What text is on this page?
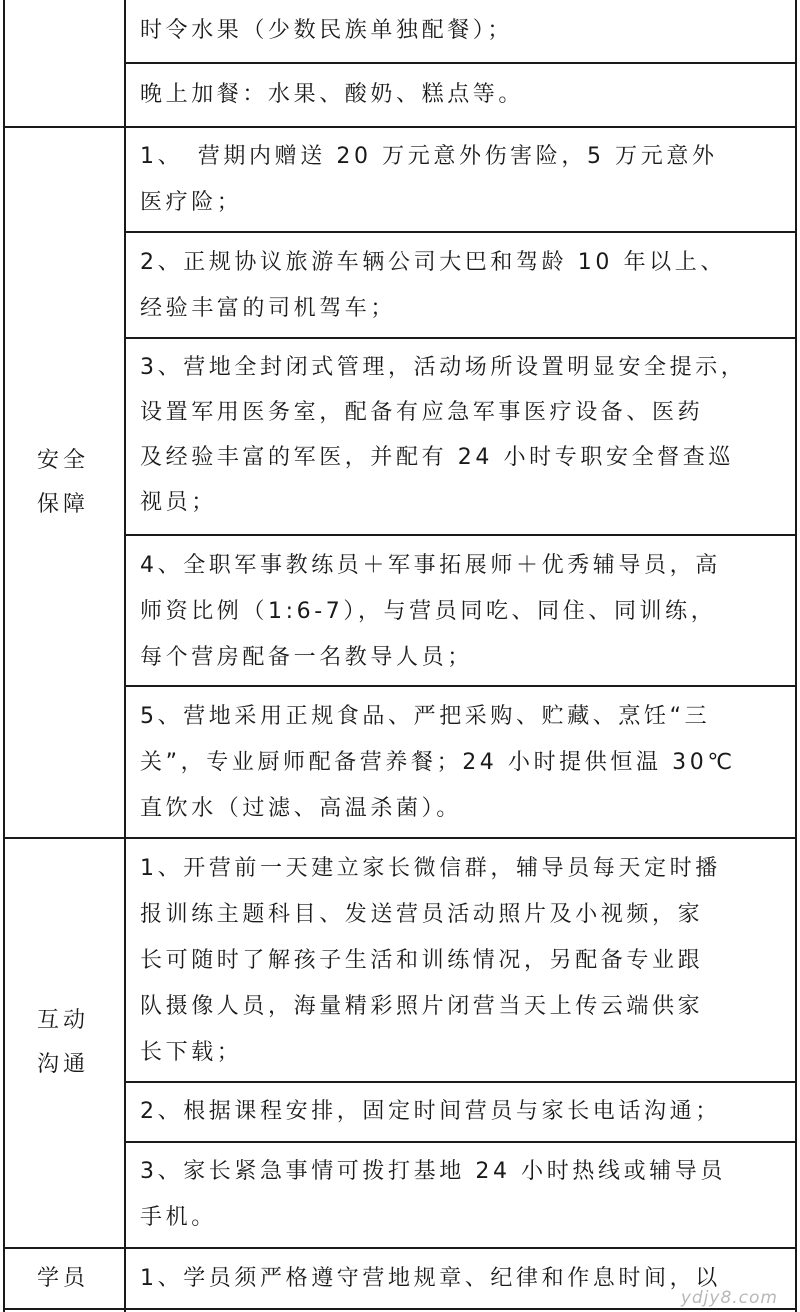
安全
保障
互动
沟通
学员
时令水果（少数民族单独配餐）；
晚上加餐：水果、酸奶、糕点等。
1、　营期内赠送 20 万元意外伤害险，5 万元意外
医疗险；
2、正规协议旅游车辆公司大巴和驾龄 10 年以上、
经验丰富的司机驾车；
3、营地全封闭式管理，活动场所设置明显安全提示，
设置军用医务室，配备有应急军事医疗设备、医药
及经验丰富的军医，并配有 24 小时专职安全督查巡
视员；
4、全职军事教练员＋军事拓展师＋优秀辅导员，高
师资比例（1:6-7），与营员同吃、同住、同训练，
每个营房配备一名教导人员；
5、营地采用正规食品、严把采购、贮藏、烹饪“三
关”，专业厨师配备营养餐；24 小时提供恒温 30℃
直饮水（过滤、高温杀菌）。
1、开营前一天建立家长微信群，辅导员每天定时播
报训练主题科目、发送营员活动照片及小视频，家
长可随时了解孩子生活和训练情况，另配备专业跟
队摄像人员，海量精彩照片闭营当天上传云端供家
长下载；
2、根据课程安排，固定时间营员与家长电话沟通；
3、家长紧急事情可拨打基地 24 小时热线或辅导员
手机。
1、学员须严格遵守营地规章、纪律和作息时间，以
ydjy8.com
